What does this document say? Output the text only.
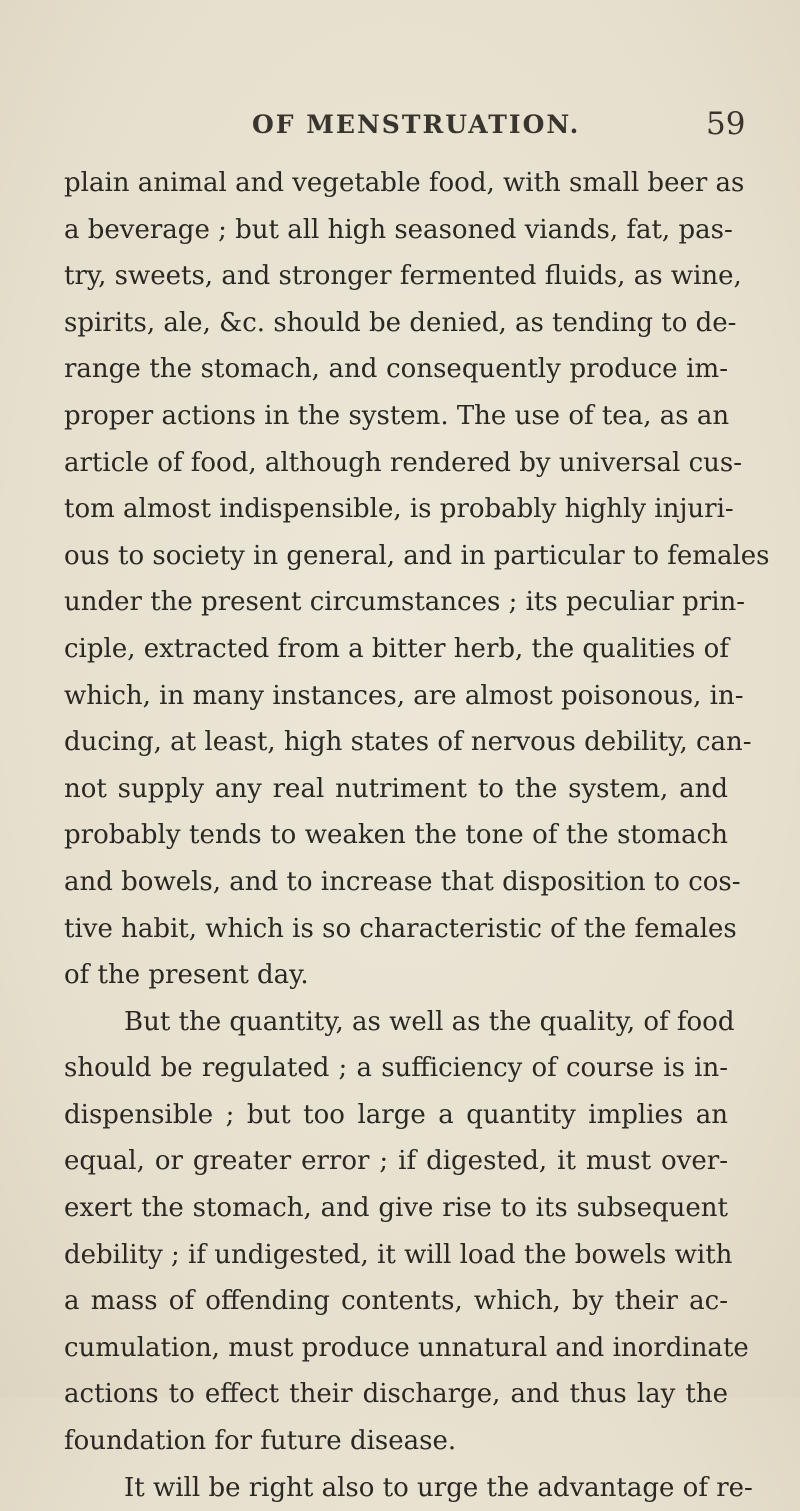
OF MENSTRUATION.	59
plain animal and vegetable food, with small beer as
a beverage ; but all high seasoned viands, fat, pas-
try, sweets, and stronger fermented fluids, as wine,
spirits, ale, &c. should be denied, as tending to de-
range the stomach, and consequently produce im-
proper actions in the system. The use of tea, as an
article of food, although rendered by universal cus-
tom almost indispensible, is probably highly injuri-
ous to society in general, and in particular to females
under the present circumstances ; its peculiar prin-
ciple, extracted from a bitter herb, the qualities of
which, in many instances, are almost poisonous, in-
ducing, at least, high states of nervous debility, can-
not supply any real nutriment to the system, and
probably tends to weaken the tone of the stomach
and bowels, and to increase that disposition to cos-
tive habit, which is so characteristic of the females
of the present day.
But the quantity, as well as the quality, of food
should be regulated ; a sufficiency of course is in-
dispensible ; but too large a quantity implies an
equal, or greater error ; if digested, it must over-
exert the stomach, and give rise to its subsequent
debility ; if undigested, it will load the bowels with
a mass of offending contents, which, by their ac-
cumulation, must produce unnatural and inordinate
actions to effect their discharge, and thus lay the
foundation for future disease.
It will be right also to urge the advantage of re-
